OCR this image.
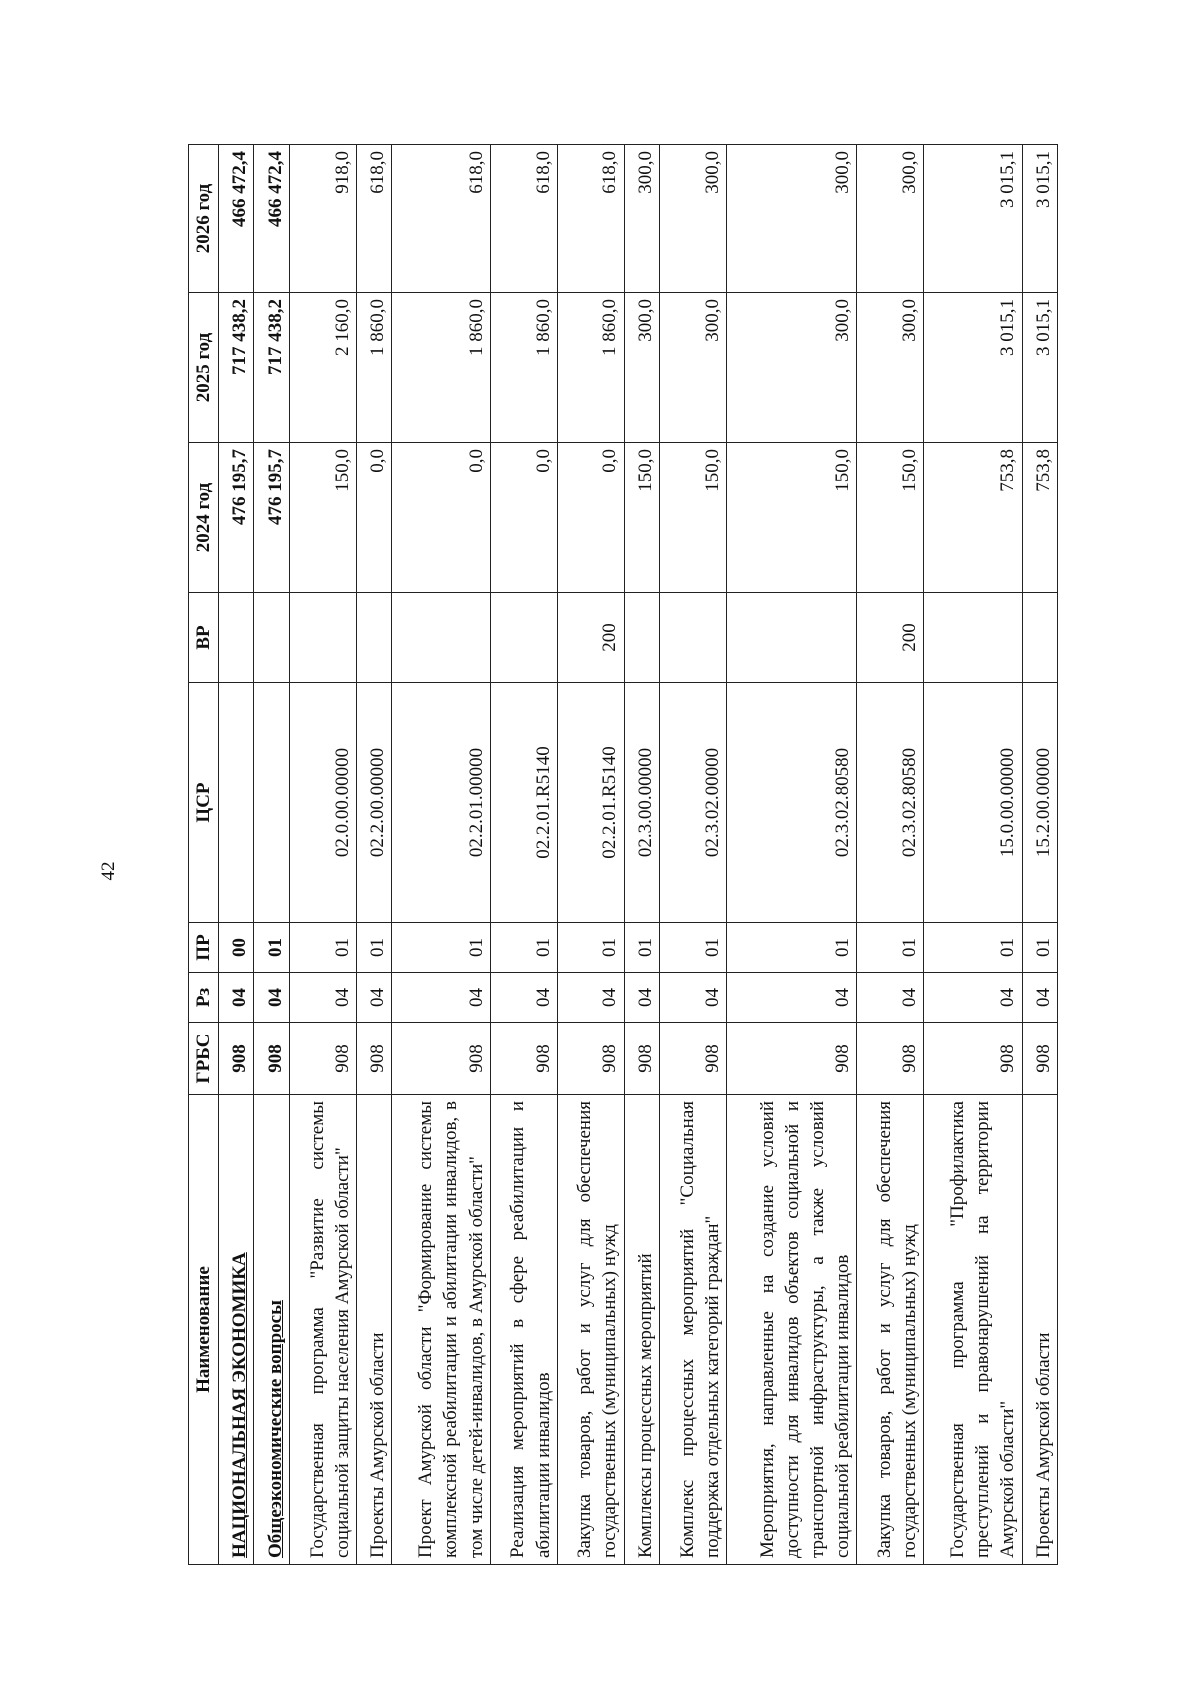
42
Наименование	ГРБС	Рз	ПР	ЦСР	ВР	2024 год	2025 год	2026 год
НАЦИОНАЛЬНАЯ ЭКОНОМИКА	908	04	00			476 195,7	717 438,2	466 472,4
Общеэкономические вопросы	908	04	01			476 195,7	717 438,2	466 472,4
Государственная программа "Развитие системы социальной защиты населения Амурской области"	908	04	01	02.0.00.00000		150,0	2 160,0	918,0
Проекты Амурской области	908	04	01	02.2.00.00000		0,0	1 860,0	618,0
Проект Амурской области "Формирование системы комплексной реабилитации и абилитации инвалидов, в том числе детей-инвалидов, в Амурской области"	908	04	01	02.2.01.00000		0,0	1 860,0	618,0
Реализация мероприятий в сфере реабилитации и абилитации инвалидов	908	04	01	02.2.01.R5140		0,0	1 860,0	618,0
Закупка товаров, работ и услуг для обеспечения государственных (муниципальных) нужд	908	04	01	02.2.01.R5140	200	0,0	1 860,0	618,0
Комплексы процессных мероприятий	908	04	01	02.3.00.00000		150,0	300,0	300,0
Комплекс процессных мероприятий "Социальная поддержка отдельных категорий граждан"	908	04	01	02.3.02.00000		150,0	300,0	300,0
Мероприятия, направленные на создание условий доступности для инвалидов объектов социальной и транспортной инфраструктуры, а также условий социальной реабилитации инвалидов	908	04	01	02.3.02.80580		150,0	300,0	300,0
Закупка товаров, работ и услуг для обеспечения государственных (муниципальных) нужд	908	04	01	02.3.02.80580	200	150,0	300,0	300,0
Государственная программа "Профилактика преступлений и правонарушений на территории Амурской области"	908	04	01	15.0.00.00000		753,8	3 015,1	3 015,1
Проекты Амурской области	908	04	01	15.2.00.00000		753,8	3 015,1	3 015,1
